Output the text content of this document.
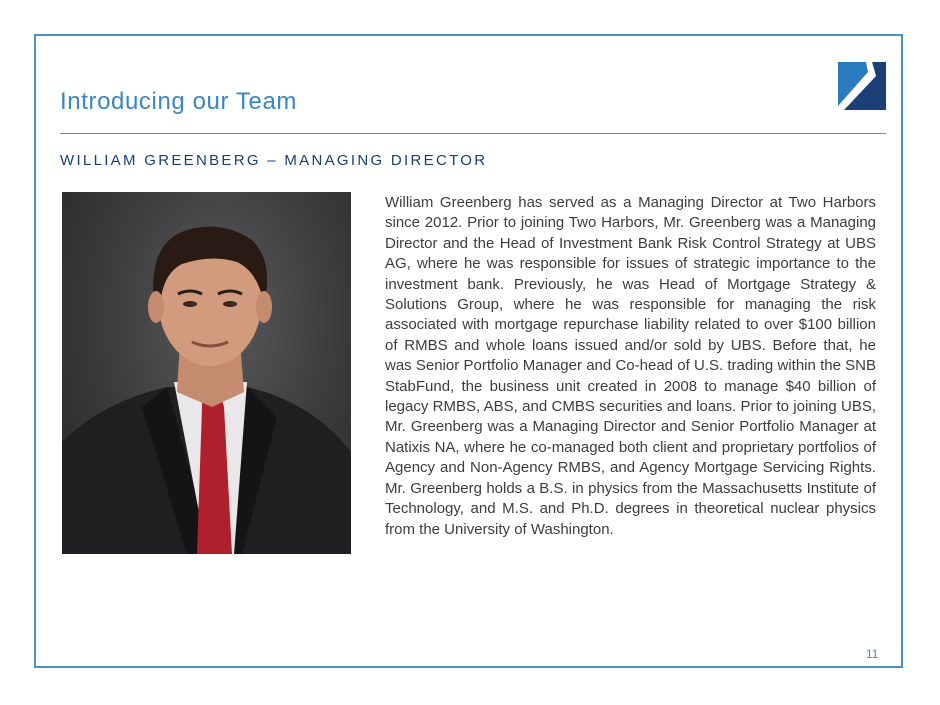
Introducing our Team
WILLIAM GREENBERG – MANAGING DIRECTOR

William Greenberg has served as a Managing Director at Two Harbors since 2012. Prior to joining Two Harbors, Mr. Greenberg was a Managing Director and the Head of Investment Bank Risk Control Strategy at UBS AG, where he was responsible for issues of strategic importance to the investment bank. Previously, he was Head of Mortgage Strategy & Solutions Group, where he was responsible for managing the risk associated with mortgage repurchase liability related to over $100 billion of RMBS and whole loans issued and/or sold by UBS. Before that, he was Senior Portfolio Manager and Co-head of U.S. trading within the SNB StabFund, the business unit created in 2008 to manage $40 billion of legacy RMBS, ABS, and CMBS securities and loans. Prior to joining UBS, Mr. Greenberg was a Managing Director and Senior Portfolio Manager at Natixis NA, where he co-managed both client and proprietary portfolios of Agency and Non-Agency RMBS, and Agency Mortgage Servicing Rights. Mr. Greenberg holds a B.S. in physics from the Massachusetts Institute of Technology, and M.S. and Ph.D. degrees in theoretical nuclear physics from the University of Washington.

11
